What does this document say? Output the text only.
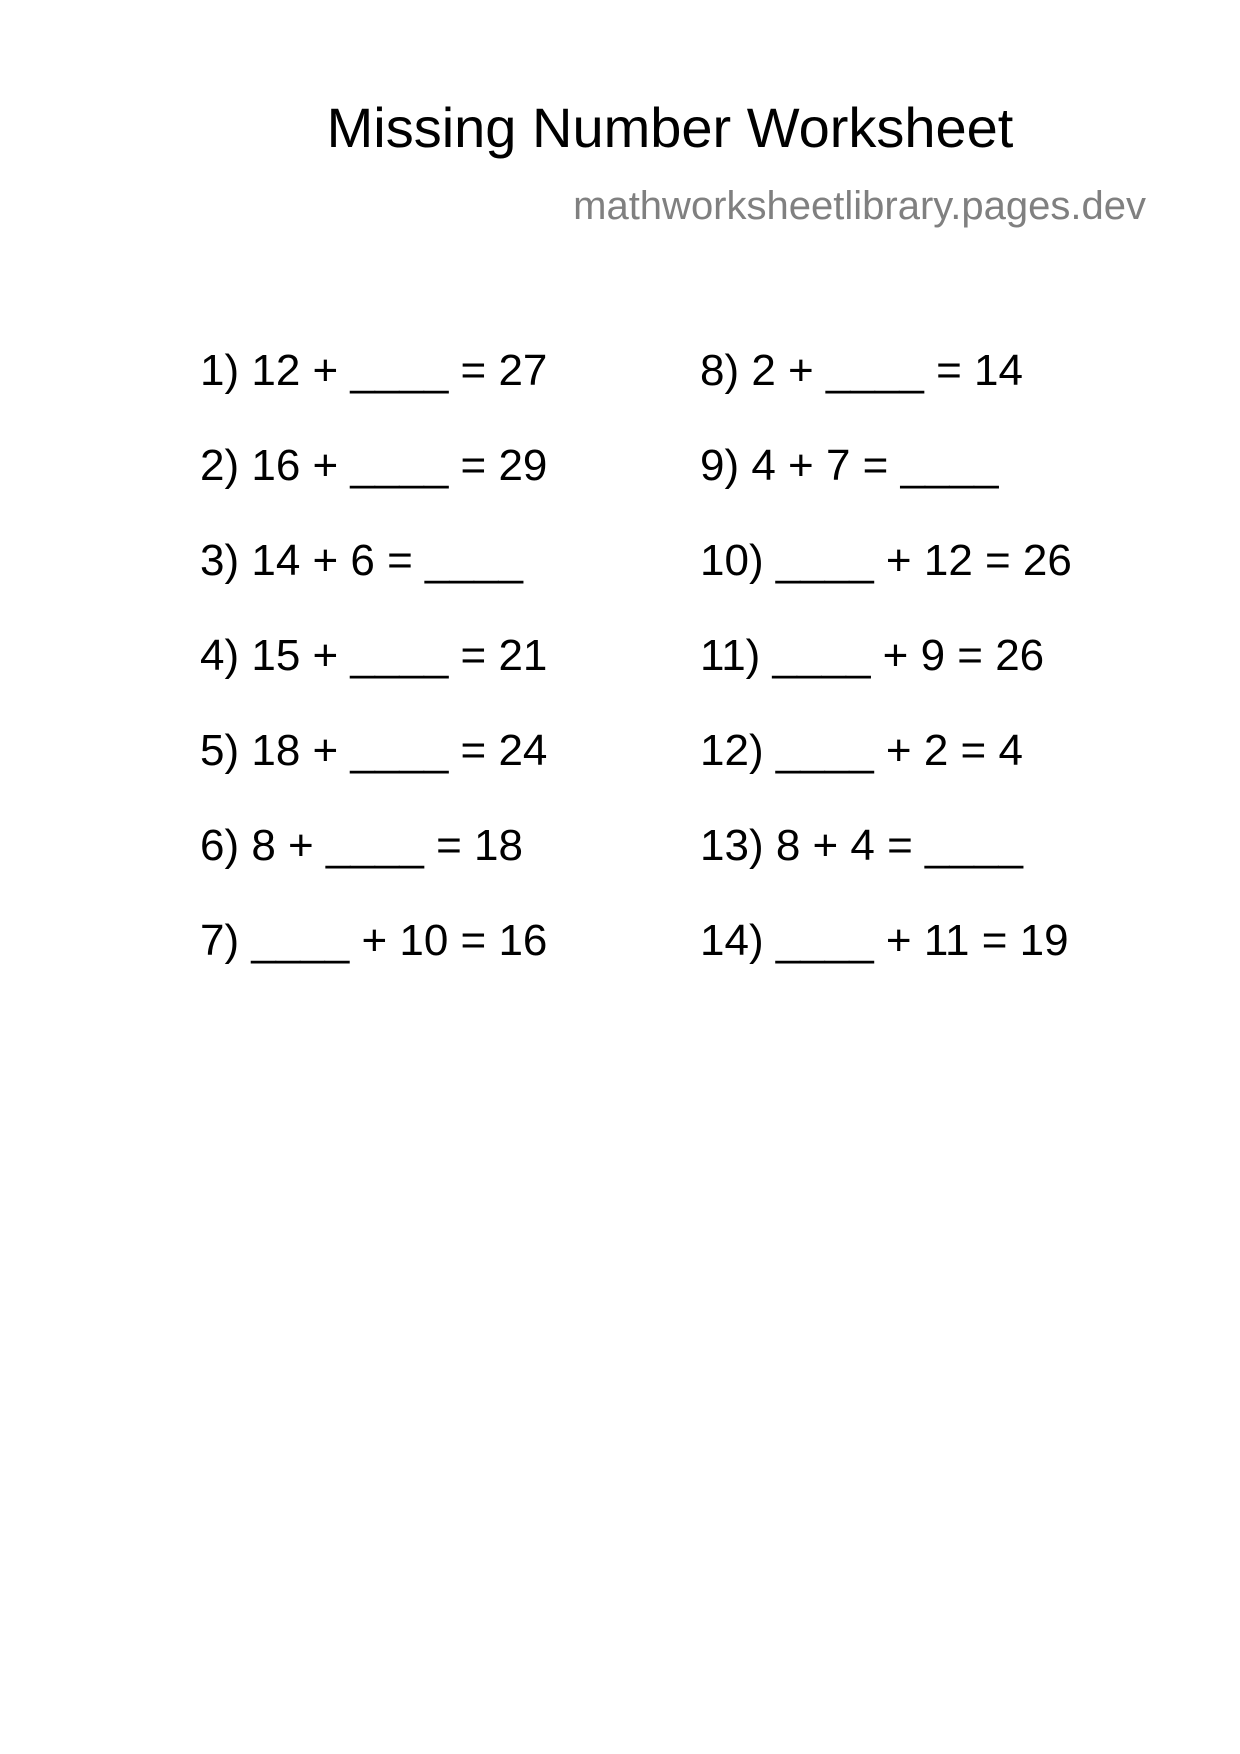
Missing Number Worksheet
mathworksheetlibrary.pages.dev
1) 12 + ____ = 27
2) 16 + ____ = 29
3) 14 + 6 = ____
4) 15 + ____ = 21
5) 18 + ____ = 24
6) 8 + ____ = 18
7) ____ + 10 = 16
8) 2 + ____ = 14
9) 4 + 7 = ____
10) ____ + 12 = 26
11) ____ + 9 = 26
12) ____ + 2 = 4
13) 8 + 4 = ____
14) ____ + 11 = 19
